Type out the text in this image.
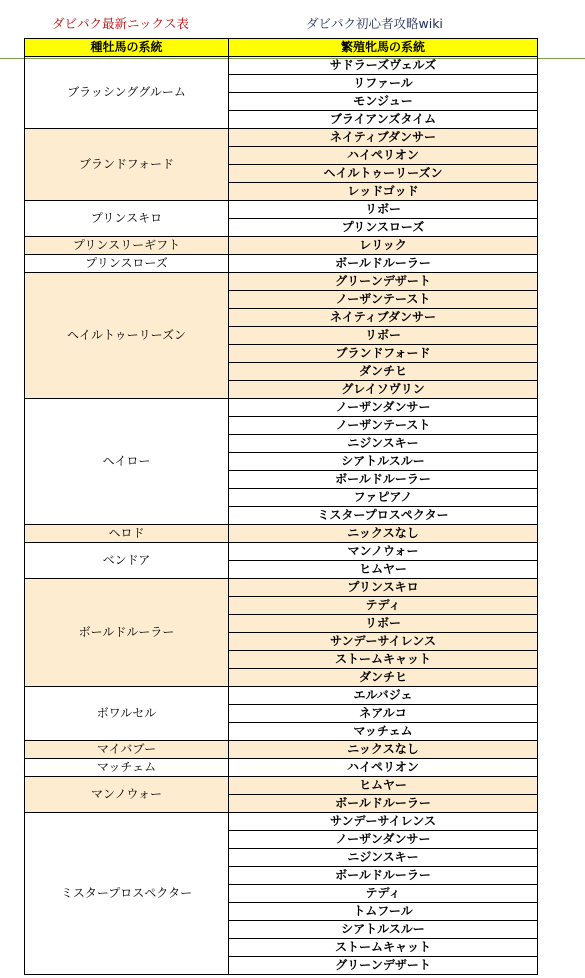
ダビパク最新ニックス表	ダビパク初心者攻略wiki
種牡馬の系統	繁殖牝馬の系統
ブラッシンググルーム	サドラーズヴェルズ
	リファール
	モンジュー
	ブライアンズタイム
ブランドフォード	ネイティブダンサー
	ハイペリオン
	ヘイルトゥーリーズン
	レッドゴッド
プリンスキロ	リボー
	プリンスローズ
プリンスリーギフト	レリック
プリンスローズ	ボールドルーラー
ヘイルトゥーリーズン	グリーンデザート
	ノーザンテースト
	ネイティブダンサー
	リボー
	ブランドフォード
	ダンチヒ
	グレイソヴリン
ヘイロー	ノーザンダンサー
	ノーザンテースト
	ニジンスキー
	シアトルスルー
	ボールドルーラー
	ファピアノ
	ミスタープロスペクター
ヘロド	ニックスなし
ベンドア	マンノウォー
	ヒムヤー
ボールドルーラー	プリンスキロ
	テディ
	リボー
	サンデーサイレンス
	ストームキャット
	ダンチヒ
ボワルセル	エルバジェ
	ネアルコ
	マッチェム
マイバブー	ニックスなし
マッチェム	ハイペリオン
マンノウォー	ヒムヤー
	ボールドルーラー
ミスタープロスペクター	サンデーサイレンス
	ノーザンダンサー
	ニジンスキー
	ボールドルーラー
	テディ
	トムフール
	シアトルスルー
	ストームキャット
	グリーンデザート
